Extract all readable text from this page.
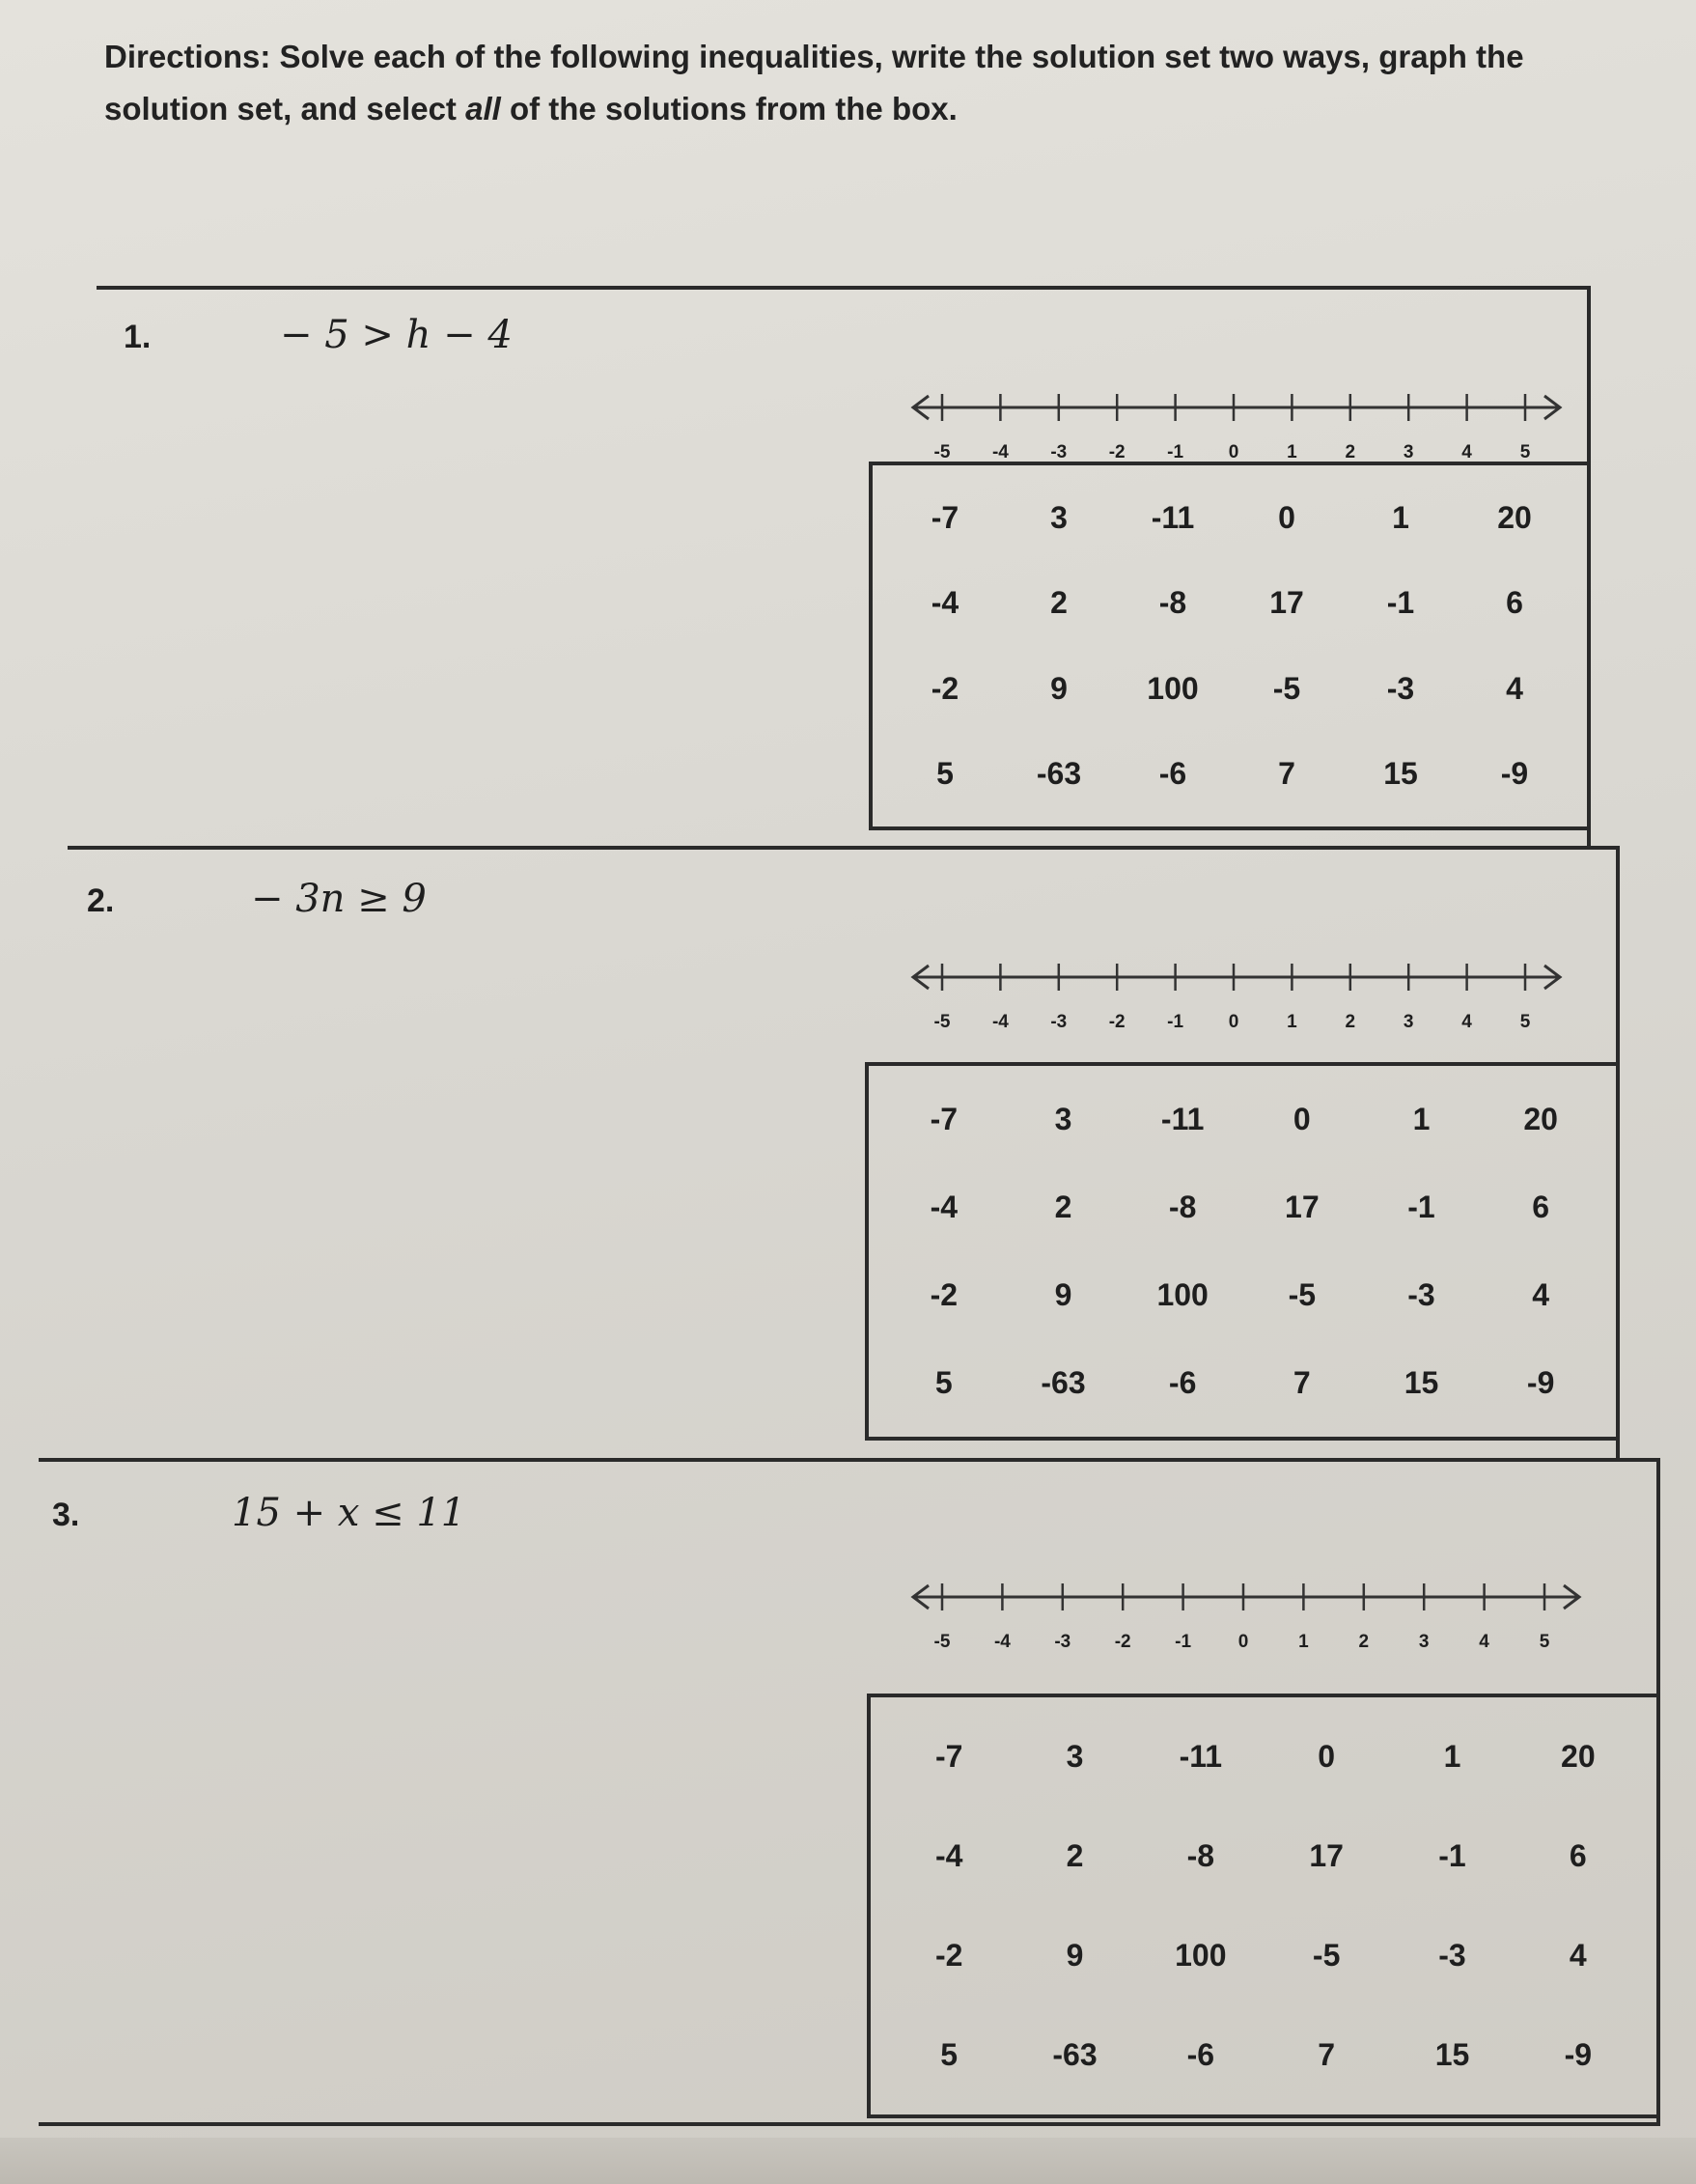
Directions: Solve each of the following inequalities, write the solution set two ways, graph the solution set, and select all of the solutions from the box.
1.	− 5 > h − 4
-5 -4 -3 -2 -1 0	1	2	3	4	5
-7	3	-11	0	1	20
-4	2	-8	17	-1	6
-2	9	100	-5	-3	4
5	-63	-6	7	15	-9
2.	− 3n ≥ 9
-5 -4 -3 -2 -1 0	1	2	3	4	5
-7	3	-11	0	1	20
-4	2	-8	17	-1	6
-2	9	100	-5	-3	4
5	-63	-6	7	15	-9
3.	15 + x ≤ 11
-5 -4 -3 -2 -1	0	1	2	3	4	5
-7	3	-11	0	1	20
-4	2	-8	17	-1	6
-2	9	100	-5	-3	4
5	-63	-6	7	15	-9
